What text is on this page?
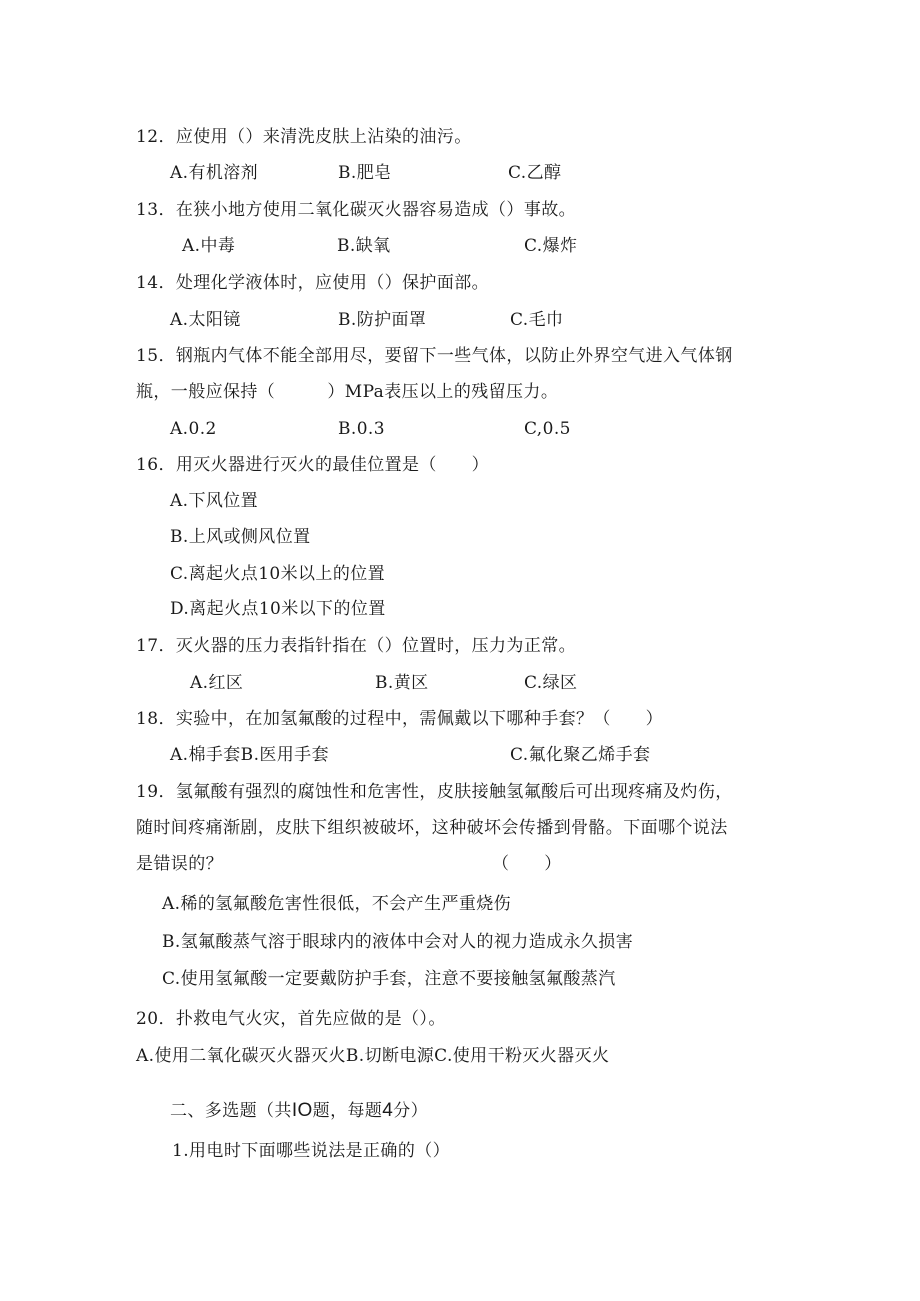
12．应使用（）来清洗皮肤上沾染的油污。
A.有机溶剂	B.肥皂	C.乙醇
13．在狭小地方使用二氧化碳灭火器容易造成（）事故。
A.中毒	B.缺氧	C.爆炸
14．处理化学液体时，应使用（）保护面部。
A.太阳镜	B.防护面罩	C.毛巾
15．钢瓶内气体不能全部用尽，要留下一些气体，以防止外界空气进入气体钢
瓶，一般应保持（　　　）MPa表压以上的残留压力。
A.0.2	B.0.3	C,0.5
16．用灭火器进行灭火的最佳位置是（　　）
A.下风位置
B.上风或侧风位置
C.离起火点10米以上的位置
D.离起火点10米以下的位置
17．灭火器的压力表指针指在（）位置时，压力为正常。
A.红区	B.黄区	C.绿区
18．实验中，在加氢氟酸的过程中，需佩戴以下哪种手套？（　　）
A.棉手套B.医用手套	C.氟化聚乙烯手套
19．氢氟酸有强烈的腐蚀性和危害性，皮肤接触氢氟酸后可出现疼痛及灼伤，
随时间疼痛渐剧，皮肤下组织被破坏，这种破坏会传播到骨骼。下面哪个说法
是错误的？	（　　）
A.稀的氢氟酸危害性很低，不会产生严重烧伤
B.氢氟酸蒸气溶于眼球内的液体中会对人的视力造成永久损害
C.使用氢氟酸一定要戴防护手套，注意不要接触氢氟酸蒸汽
20．扑救电气火灾，首先应做的是（）。
A.使用二氧化碳灭火器灭火B.切断电源C.使用干粉灭火器灭火
二、多选题（共IO题，每题4分）
1.用电时下面哪些说法是正确的（）
